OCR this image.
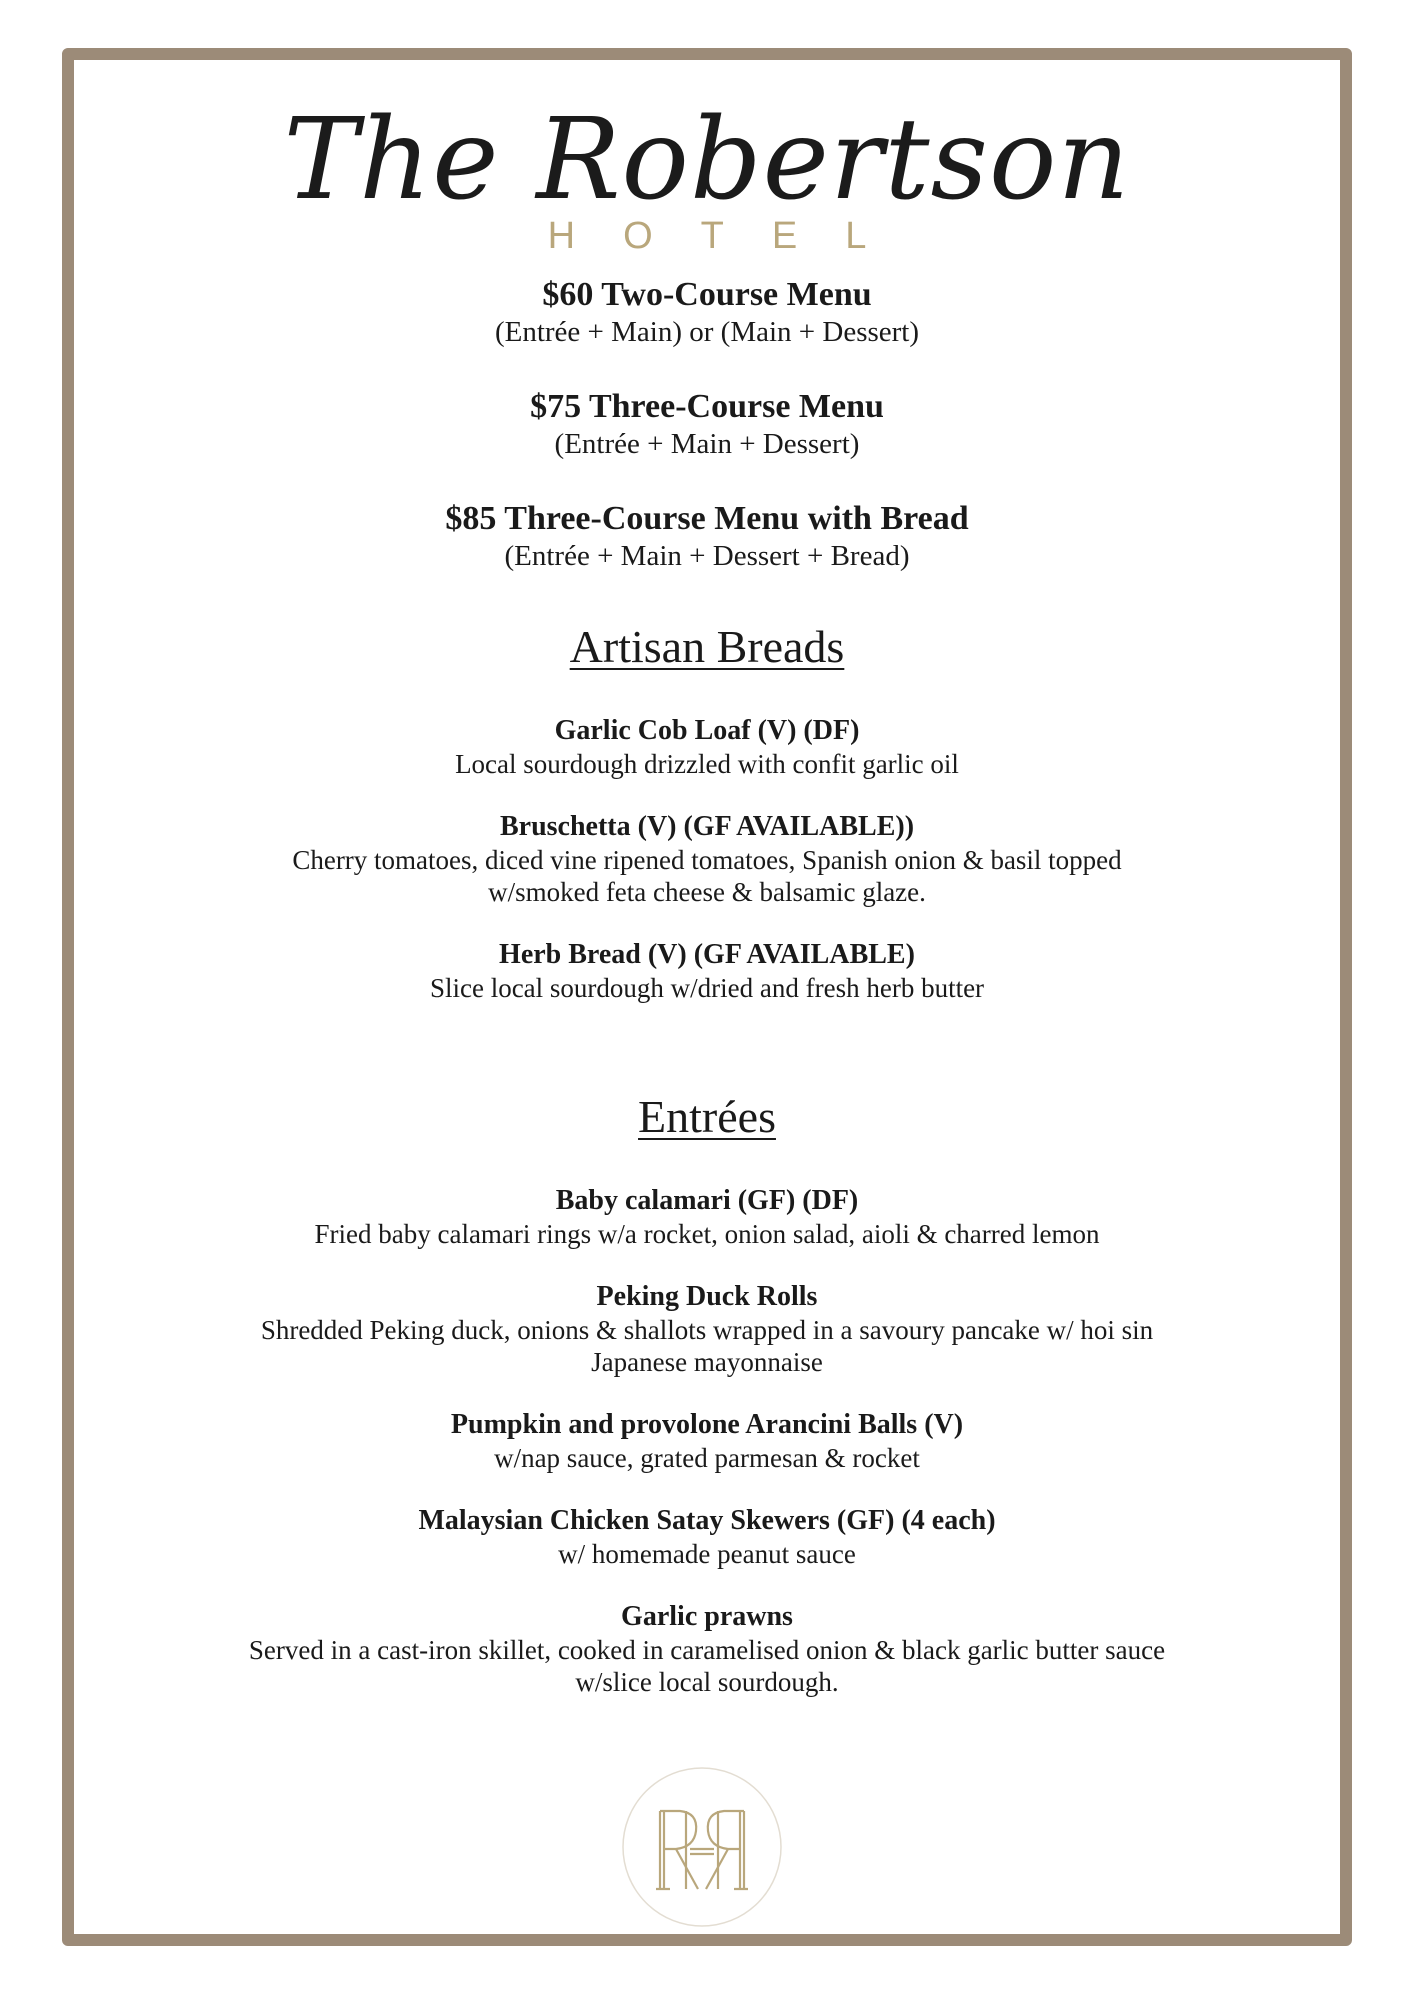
The Robertson
HOTEL
$60 Two-Course Menu
(Entrée + Main) or (Main + Dessert)
$75 Three-Course Menu
(Entrée + Main + Dessert)
$85 Three-Course Menu with Bread
(Entrée + Main + Dessert + Bread)
Artisan Breads
Garlic Cob Loaf (V) (DF)
Local sourdough drizzled with confit garlic oil
Bruschetta (V) (GF AVAILABLE))
Cherry tomatoes, diced vine ripened tomatoes, Spanish onion & basil topped
w/smoked feta cheese & balsamic glaze.
Herb Bread (V) (GF AVAILABLE)
Slice local sourdough w/dried and fresh herb butter
Entrées
Baby calamari (GF) (DF)
Fried baby calamari rings w/a rocket, onion salad, aioli & charred lemon
Peking Duck Rolls
Shredded Peking duck, onions & shallots wrapped in a savoury pancake w/ hoi sin
Japanese mayonnaise
Pumpkin and provolone Arancini Balls (V)
w/nap sauce, grated parmesan & rocket
Malaysian Chicken Satay Skewers (GF) (4 each)
w/ homemade peanut sauce
Garlic prawns
Served in a cast-iron skillet, cooked in caramelised onion & black garlic butter sauce
w/slice local sourdough.
